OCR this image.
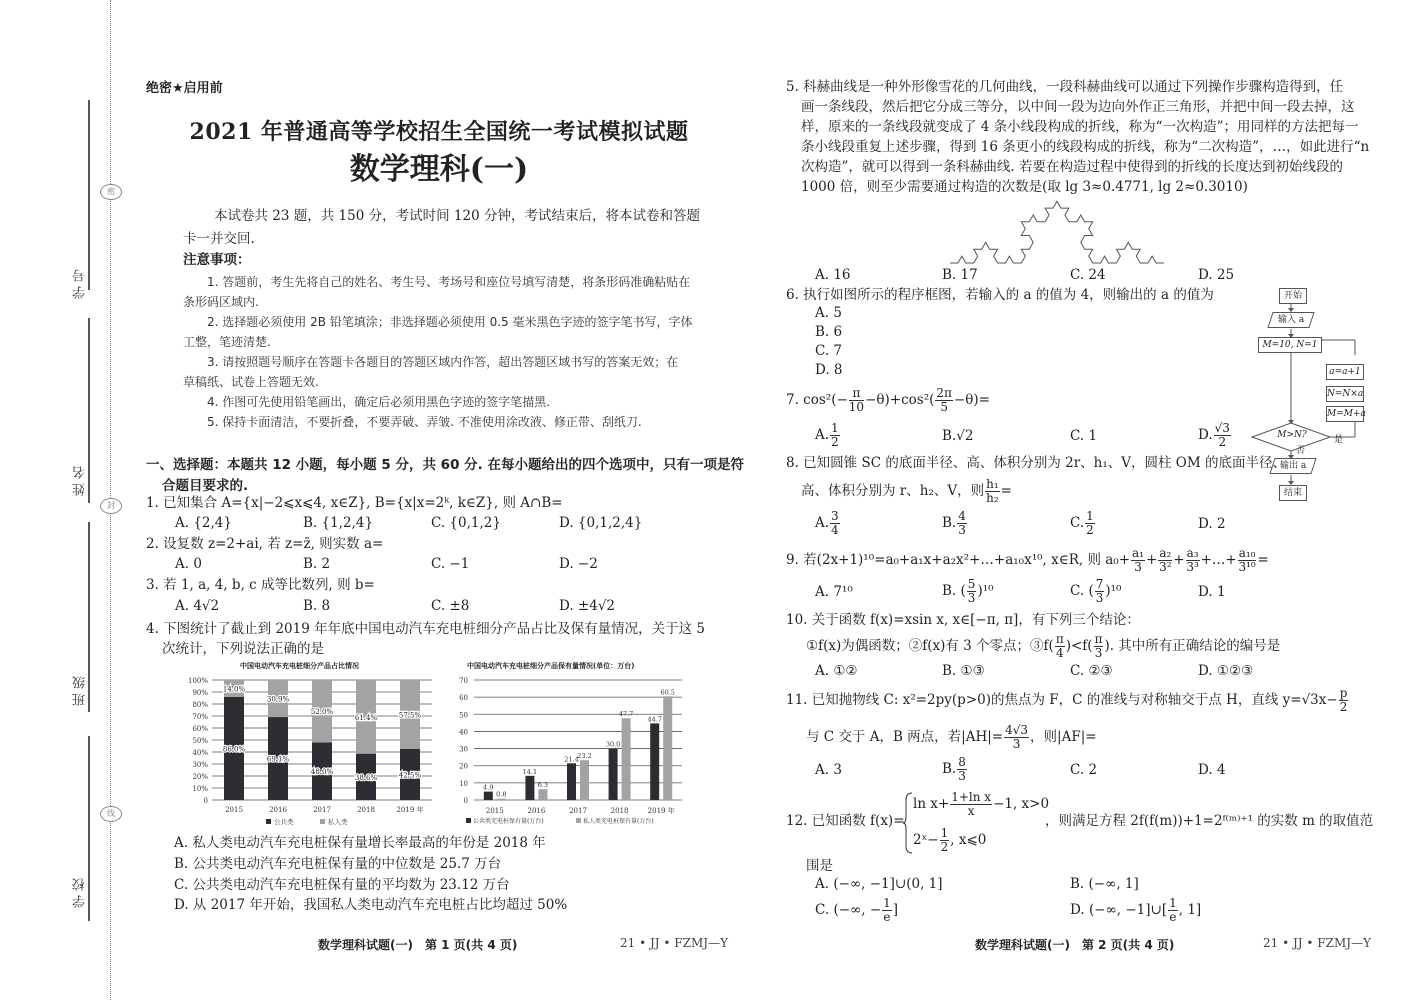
学号
姓名
班级
学校
密
封
线
绝密★启用前
2021 年普通高等学校招生全国统一考试模拟试题
数学理科(一)
本试卷共 23 题，共 150 分，考试时间 120 分钟，考试结束后，将本试卷和答题
卡一并交回.
注意事项：
1. 答题前，考生先将自己的姓名、考生号、考场号和座位号填写清楚，将条形码准确粘贴在
条形码区域内.
2. 选择题必须使用 2B 铅笔填涂；非选择题必须使用 0.5 毫米黑色字迹的签字笔书写，字体
工整，笔迹清楚.
3. 请按照题号顺序在答题卡各题目的答题区域内作答，超出答题区域书写的答案无效；在
草稿纸、试卷上答题无效.
4. 作图可先使用铅笔画出，确定后必须用黑色字迹的签字笔描黑.
5. 保持卡面清洁，不要折叠，不要弄破、弄皱. 不准使用涂改液、修正带、刮纸刀.
一、选择题：本题共 12 小题，每小题 5 分，共 60 分. 在每小题给出的四个选项中，只有一项是符
合题目要求的.
1. 已知集合 A={x|−2⩽x⩽4, x∈Z}, B={x|x=2ᵏ, k∈Z}, 则 A∩B=
A. {2,4}	B. {1,2,4}	C. {0,1,2}	D. {0,1,2,4}
2. 设复数 z=2+ai, 若 z=z̄, 则实数 a=
A. 0	B. 2	C. −1	D. −2
3. 若 1, a, 4, b, c 成等比数列, 则 b=
A. 4√2	B. 8	C. ±8	D. ±4√2
4. 下图统计了截止到 2019 年年底中国电动汽车充电桩细分产品占比及保有量情况，关于这 5
次统计，下列说法正确的是
中国电动汽车充电桩细分产品占比情况
0
10%
20%
30%
40%
50%
60%
70%
80%
90%
100%
2015
86.0%
14.0%
2016
69.1%
30.9%
2017
48.0%
52.0%
2018
38.6%
61.4%
2019 年
42.5%
57.5%
公共类	私人类
中国电动汽车充电桩细分产品保有量情况(单位：万台)
0
10
20
30
40
50
60
70
4.9
0.8
2015
14.1
6.3
2016
21.4
23.2
2017
30.0
47.7
2018
44.7
60.5
2019 年
公共类充电桩保有量(万台)	私人类充电桩保有量(万台)
A. 私人类电动汽车充电桩保有量增长率最高的年份是 2018 年
B. 公共类电动汽车充电桩保有量的中位数是 25.7 万台
C. 公共类电动汽车充电桩保有量的平均数为 23.12 万台
D. 从 2017 年开始，我国私人类电动汽车充电桩占比均超过 50%
数学理科试题(一)　第 1 页(共 4 页)	21 • JJ • FZMJ—Y
5. 科赫曲线是一种外形像雪花的几何曲线，一段科赫曲线可以通过下列操作步骤构造得到，任
画一条线段，然后把它分成三等分，以中间一段为边向外作正三角形，并把中间一段去掉，这
样，原来的一条线段就变成了 4 条小线段构成的折线，称为“一次构造”；用同样的方法把每一
条小线段重复上述步骤，得到 16 条更小的线段构成的折线，称为“二次构造”，…，如此进行“n
次构造”，就可以得到一条科赫曲线. 若要在构造过程中使得到的折线的长度达到初始线段的
1000 倍，则至少需要通过构造的次数是(取 lg 3≈0.4771, lg 2≈0.3010)
A. 16	B. 17	C. 24	D. 25
6. 执行如图所示的程序框图，若输入的 a 的值为 4，则输出的 a 的值为
A. 5
B. 6
C. 7
D. 8
开始
输入 a
M=10, N=1
a=a+1
N=N×a
M=M+a
M>N?	是
否
输出 a
结束
7. $\cos^2(- \frac{\pi}{10} -\theta)+\cos^2( \frac{2\pi}{5} -\theta)=$
A. $\frac{1}{2}$	B.√2	C. 1	D. $\frac{√3}{2}$
8. 已知圆锥 SC 的底面半径、高、体积分别为 2r、h₁、V，圆柱 OM 的底面半径、
高、体积分别为 r、h₂、V，则 $\frac{\text{h₁}}{\text{h₂}}$ =
A. $\frac{3}{4}$	B. $\frac{4}{3}$	C. $\frac{1}{2}$	D. 2
9. 若(2x+1)¹⁰=a₀+a₁x+a₂x²+…+a₁₀x¹⁰, x∈R, 则 $a_0+ \frac{\text{a₁}}{3} + \frac{\text{a₂}}{\text{3²}} + \frac{\text{a₃}}{\text{3³}}$ +…+ $\frac{\text{a₁₀}}{\text{3¹⁰}}$ =
A. 7¹⁰	B. ( $\frac{5}{3} )^{10}$	C. ( $\frac{7}{3} )^{10}$	D. 1
10. 关于函数 f(x)=xsin x, x∈[−π, π]，有下列三个结论：
①f(x)为偶函数；②f(x)有 3 个零点；③f( $\frac{\pi}{4} )<f( \frac{\pi}{3}$ ). 其中所有正确结论的编号是
A. ①②	B. ①③	C. ②③	D. ①②③
11. 已知抛物线 C: x²=2py(p>0)的焦点为 F，C 的准线与对称轴交于点 H，直线 $y=√3x- \frac{p}{2}$
与 C 交于 A，B 两点，若$|AH|= \frac{4√3}{3}$ ，则|AF|=
A. 3	B. $\frac{8}{3}$	C. 2	D. 4
12. 已知函数 f(x)=
$\ln x+ \frac{\text{1+ln x}}{x} -1$, x>0
2ˣ− $\frac{1}{2}$ , x⩽0
，则满足方程 2f(f(m))+1=2ᶠ⁽ᵐ⁾⁺¹ 的实数 m 的取值范
围是
A. (−∞, −1]∪(0, 1]	B. (−∞, 1]
C. (−∞, − $\frac{1}{e}$ ]	D. (−∞, −1]∪[ $\frac{1}{e}$ , 1]
数学理科试题(一)　第 2 页(共 4 页)	21 • JJ • FZMJ—Y
